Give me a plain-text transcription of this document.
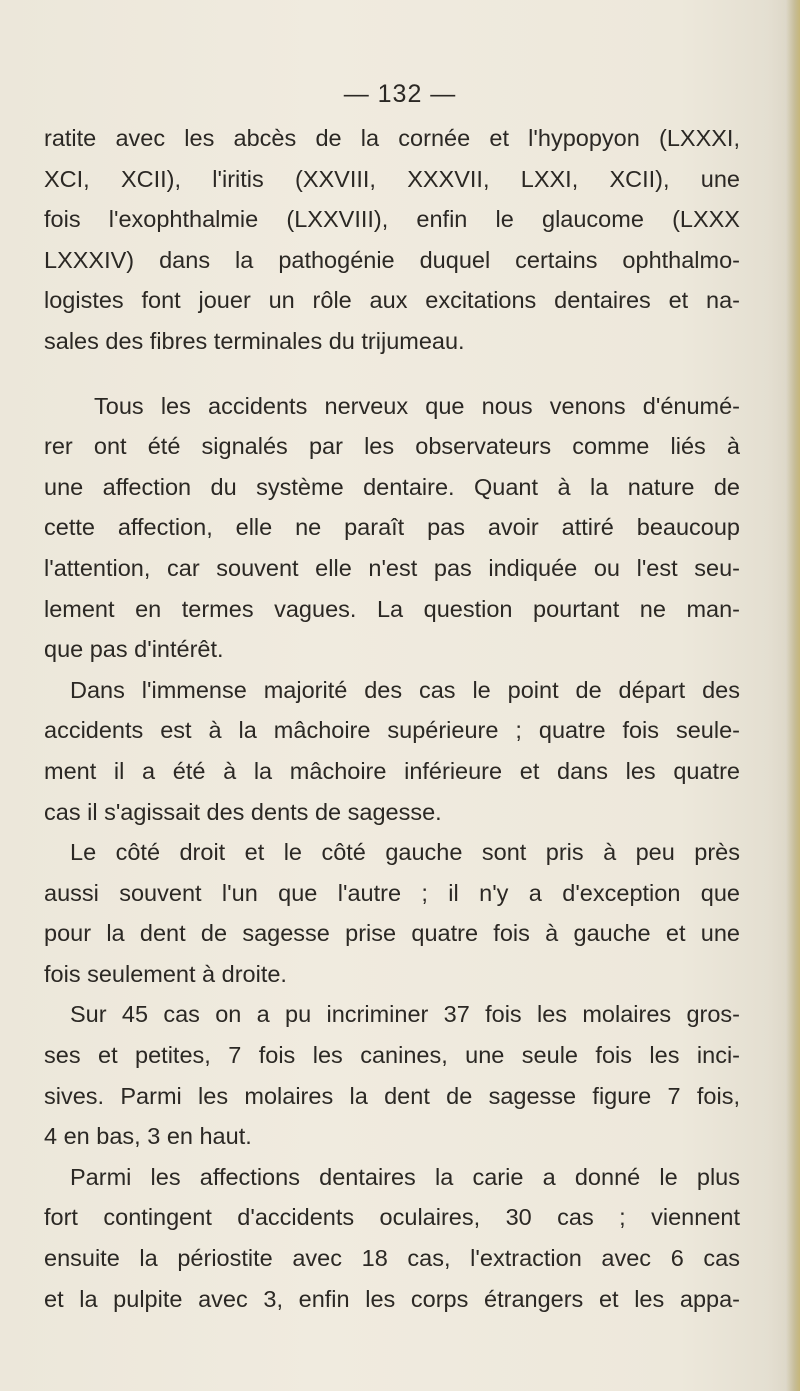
— 132 —
ratite avec les abcès de la cornée et l'hypopyon (LXXXI,
XCI, XCII), l'iritis (XXVIII, XXXVII, LXXI, XCII), une
fois l'exophthalmie (LXXVIII), enfin le glaucome (LXXX
LXXXIV) dans la pathogénie duquel certains ophthalmo-
logistes font jouer un rôle aux excitations dentaires et na-
sales des fibres terminales du trijumeau.
Tous les accidents nerveux que nous venons d'énumé-
rer ont été signalés par les observateurs comme liés à
une affection du système dentaire. Quant à la nature de
cette affection, elle ne paraît pas avoir attiré beaucoup
l'attention, car souvent elle n'est pas indiquée ou l'est seu-
lement en termes vagues. La question pourtant ne man-
que pas d'intérêt.
Dans l'immense majorité des cas le point de départ des
accidents est à la mâchoire supérieure ; quatre fois seule-
ment il a été à la mâchoire inférieure et dans les quatre
cas il s'agissait des dents de sagesse.
Le côté droit et le côté gauche sont pris à peu près
aussi souvent l'un que l'autre ; il n'y a d'exception que
pour la dent de sagesse prise quatre fois à gauche et une
fois seulement à droite.
Sur 45 cas on a pu incriminer 37 fois les molaires gros-
ses et petites, 7 fois les canines, une seule fois les inci-
sives. Parmi les molaires la dent de sagesse figure 7 fois,
4 en bas, 3 en haut.
Parmi les affections dentaires la carie a donné le plus
fort contingent d'accidents oculaires, 30 cas ; viennent
ensuite la périostite avec 18 cas, l'extraction avec 6 cas
et la pulpite avec 3, enfin les corps étrangers et les appa-
